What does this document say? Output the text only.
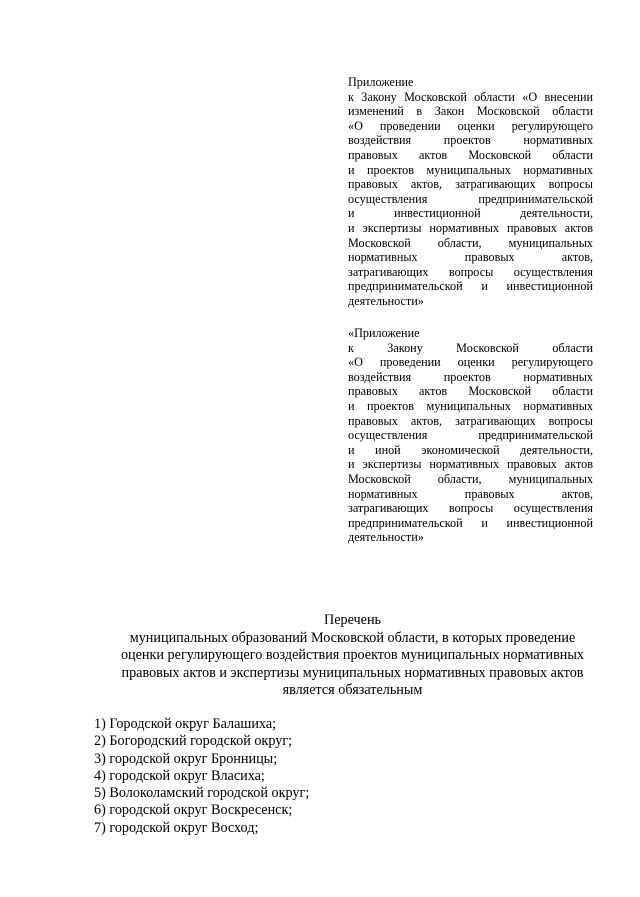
Приложение
к Закону Московской области «О внесении
изменений в Закон Московской области
«О проведении оценки регулирующего
воздействия проектов нормативных
правовых актов Московской области
и проектов муниципальных нормативных
правовых актов, затрагивающих вопросы
осуществления предпринимательской
и инвестиционной деятельности,
и экспертизы нормативных правовых актов
Московской области, муниципальных
нормативных правовых актов,
затрагивающих вопросы осуществления
предпринимательской и инвестиционной
деятельности»
«Приложение
к Закону Московской области
«О проведении оценки регулирующего
воздействия проектов нормативных
правовых актов Московской области
и проектов муниципальных нормативных
правовых актов, затрагивающих вопросы
осуществления предпринимательской
и иной экономической деятельности,
и экспертизы нормативных правовых актов
Московской области, муниципальных
нормативных правовых актов,
затрагивающих вопросы осуществления
предпринимательской и инвестиционной
деятельности»
Перечень
муниципальных образований Московской области, в которых проведение
оценки регулирующего воздействия проектов муниципальных нормативных
правовых актов и экспертизы муниципальных нормативных правовых актов
является обязательным
1) Городской округ Балашиха;
2) Богородский городской округ;
3) городской округ Бронницы;
4) городской округ Власиха;
5) Волоколамский городской округ;
6) городской округ Воскресенск;
7) городской округ Восход;
